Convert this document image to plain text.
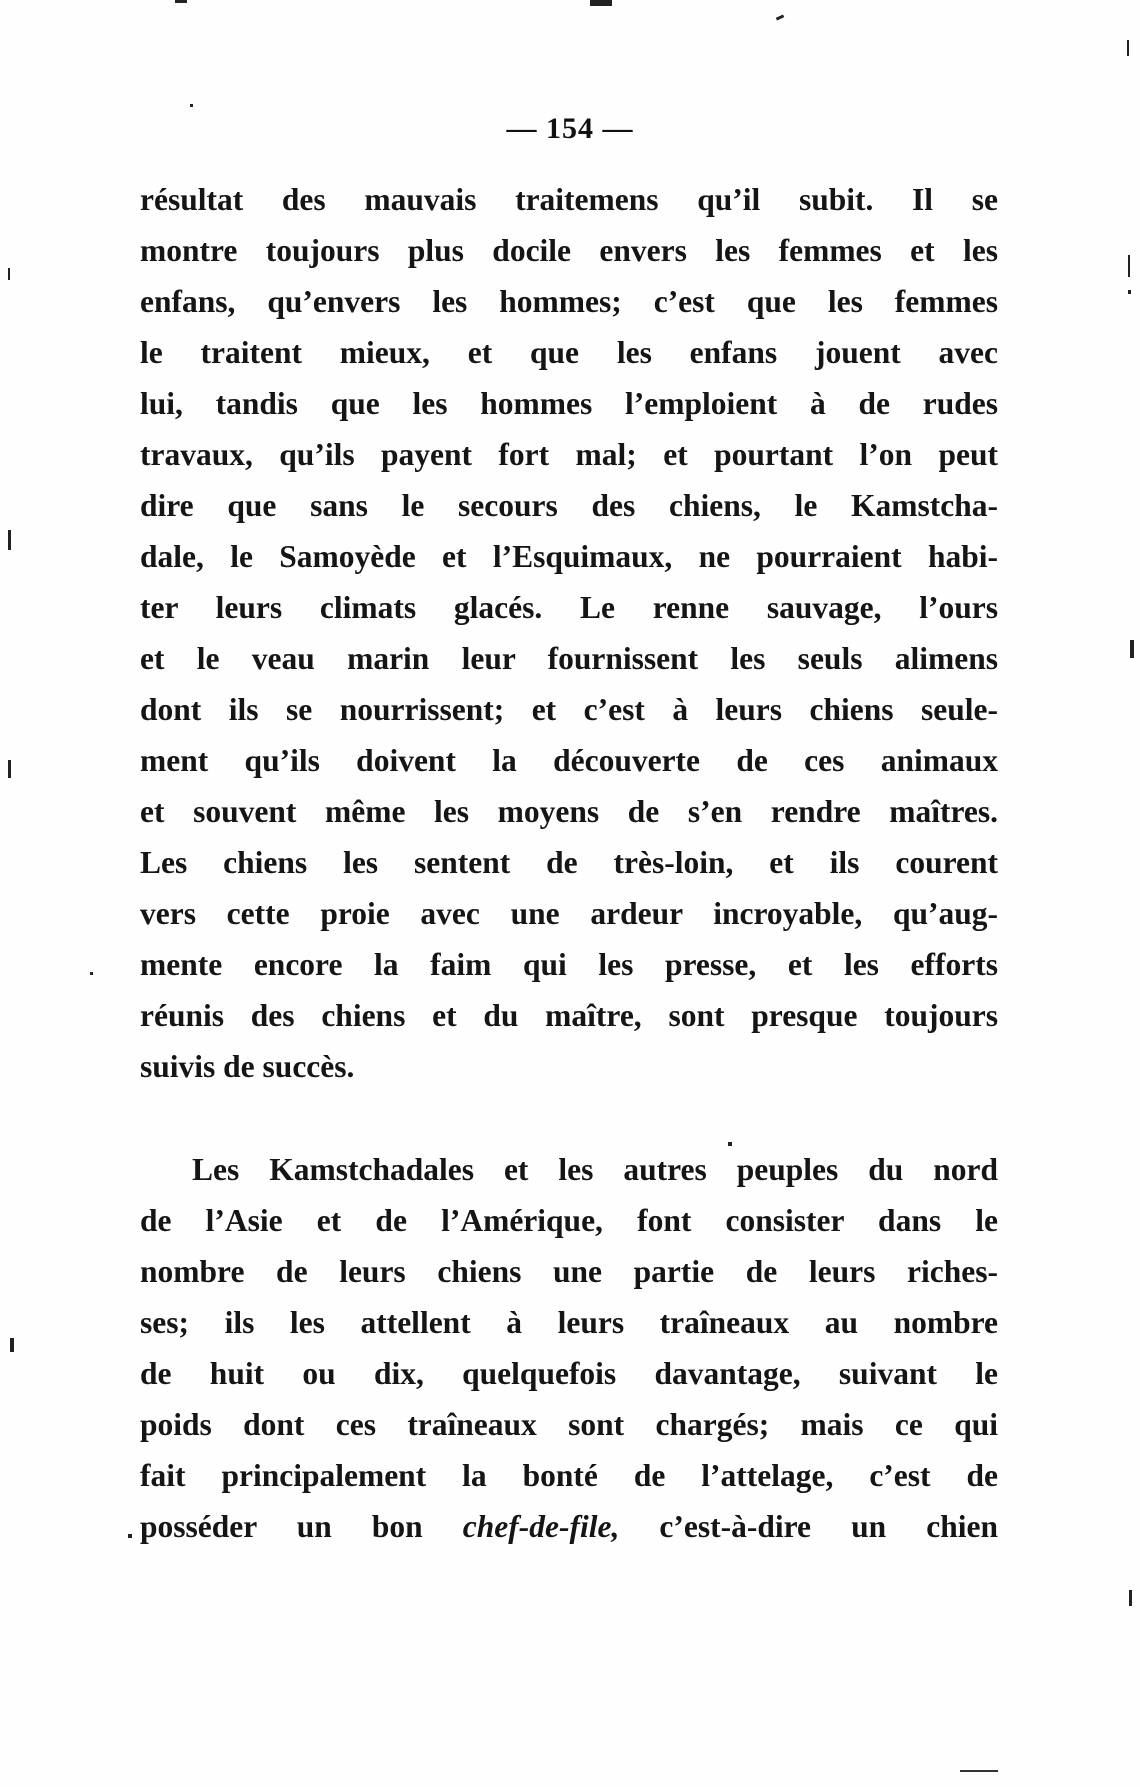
— 154 —
résultat des mauvais traitemens qu’il subit. Il se
montre toujours plus docile envers les femmes et les
enfans, qu’envers les hommes; c’est que les femmes
le traitent mieux, et que les enfans jouent avec
lui, tandis que les hommes l’emploient à de rudes
travaux, qu’ils payent fort mal; et pourtant l’on peut
dire que sans le secours des chiens, le Kamstcha-
dale, le Samoyède et l’Esquimaux, ne pourraient habi-
ter leurs climats glacés. Le renne sauvage, l’ours
et le veau marin leur fournissent les seuls alimens
dont ils se nourrissent; et c’est à leurs chiens seule-
ment qu’ils doivent la découverte de ces animaux
et souvent même les moyens de s’en rendre maîtres.
Les chiens les sentent de très-loin, et ils courent
vers cette proie avec une ardeur incroyable, qu’aug-
mente encore la faim qui les presse, et les efforts
réunis des chiens et du maître, sont presque toujours
suivis de succès.
Les Kamstchadales et les autres peuples du nord
de l’Asie et de l’Amérique, font consister dans le
nombre de leurs chiens une partie de leurs riches-
ses; ils les attellent à leurs traîneaux au nombre
de huit ou dix, quelquefois davantage, suivant le
poids dont ces traîneaux sont chargés; mais ce qui
fait principalement la bonté de l’attelage, c’est de
posséder un bon chef-de-file, c’est-à-dire un chien
